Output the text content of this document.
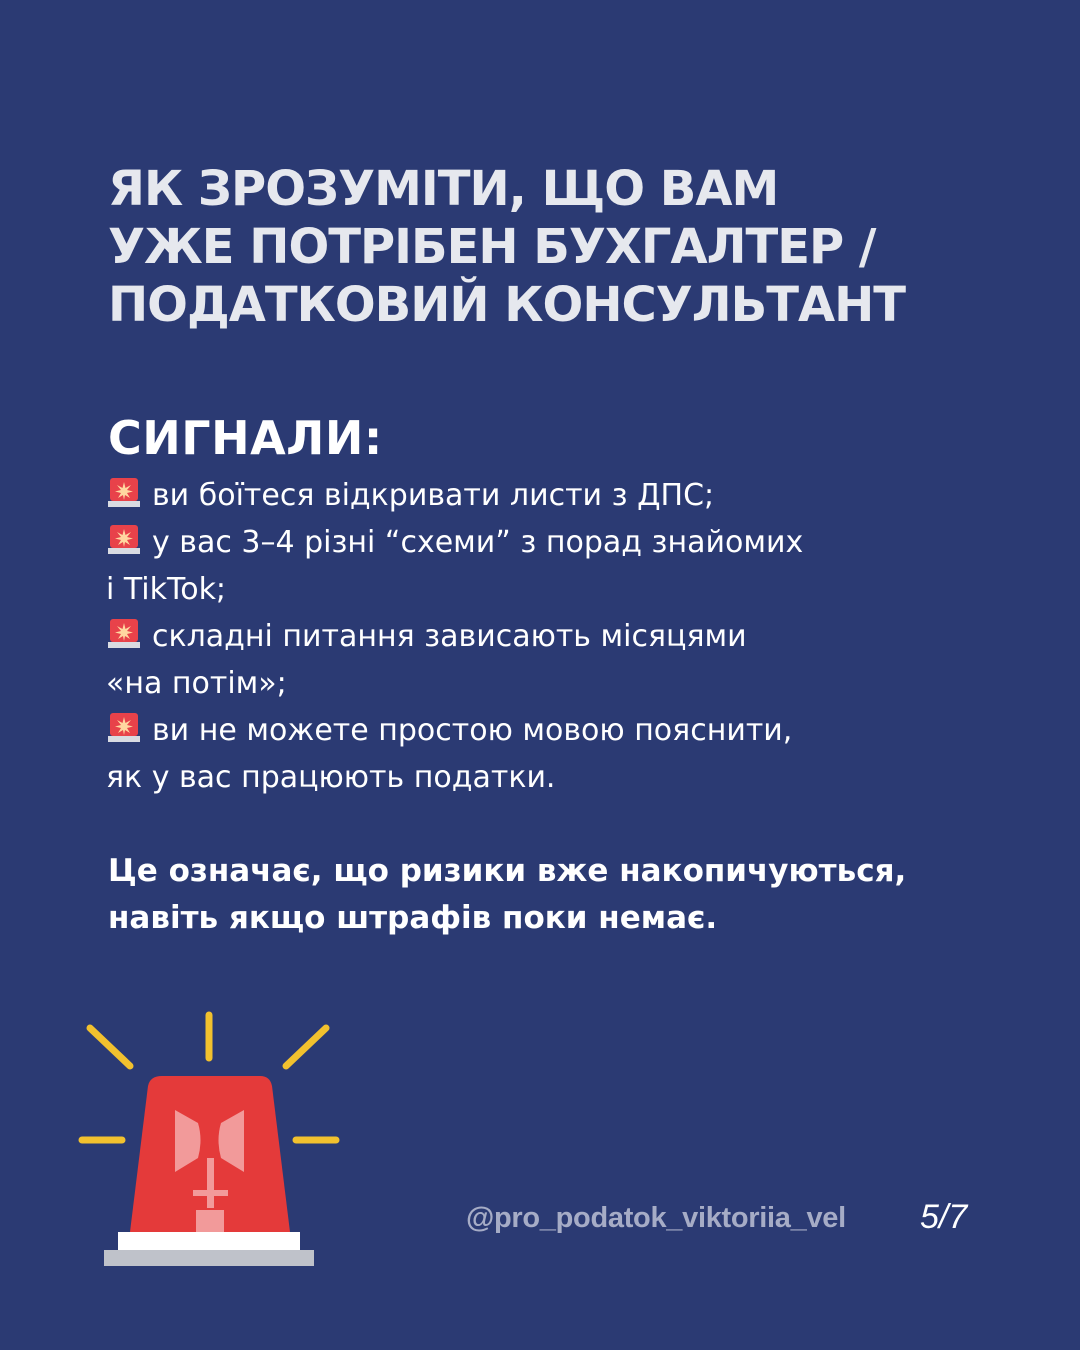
ЯК ЗРОЗУМІТИ, ЩО ВАМ
УЖЕ ПОТРІБЕН БУХГАЛТЕР /
ПОДАТКОВИЙ КОНСУЛЬТАНТ
СИГНАЛИ:
ви боїтеся відкривати листи з ДПС;
у вас 3–4 різні “схеми” з порад знайомих
і TikTok;
складні питання зависають місяцями
«на потім»;
ви не можете простою мовою пояснити,
як у вас працюють податки.
Це означає, що ризики вже накопичуються,
навіть якщо штрафів поки немає.
@pro_podatok_viktoriia_vel 5/7
